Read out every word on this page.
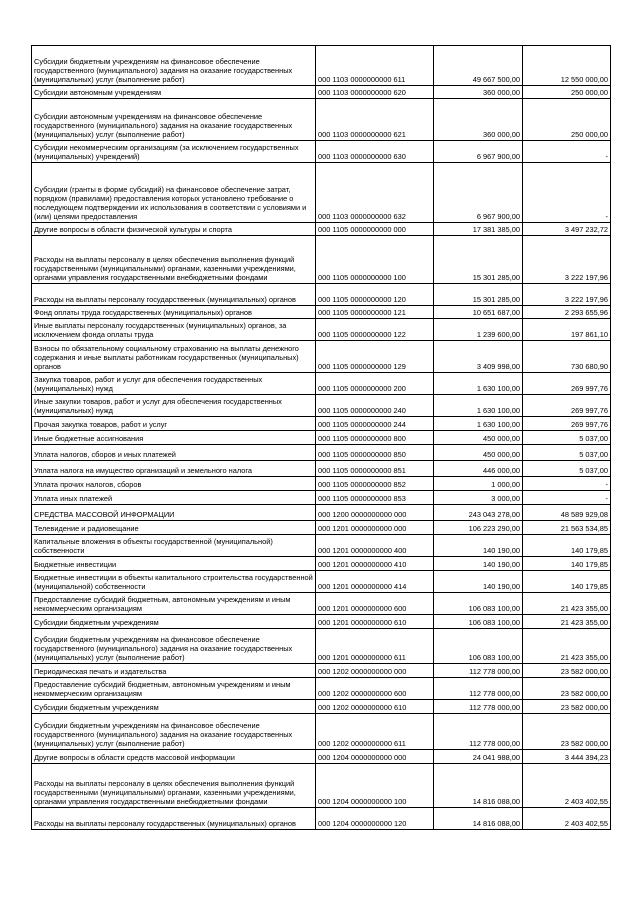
Субсидии бюджетным учреждениям на финансовое обеспечение государственного (муниципального) задания на оказание государственных (муниципальных) услуг (выполнение работ)	000 1103 0000000000 611	49 667 500,00	12 550 000,00
Субсидии автономным учреждениям	000 1103 0000000000 620	360 000,00	250 000,00
Субсидии автономным учреждениям на финансовое обеспечение государственного (муниципального) задания на оказание государственных (муниципальных) услуг (выполнение работ)	000 1103 0000000000 621	360 000,00	250 000,00
Субсидии некоммерческим организациям (за исключением государственных (муниципальных) учреждений)	000 1103 0000000000 630	6 967 900,00	-
Субсидии (гранты в форме субсидий) на финансовое обеспечение затрат, порядком (правилами) предоставления которых установлено требование о последующем подтверждении их использования в соответствии с условиями и (или) целями предоставления	000 1103 0000000000 632	6 967 900,00	-
Другие вопросы в области физической культуры и спорта	000 1105 0000000000 000	17 381 385,00	3 497 232,72
Расходы на выплаты персоналу в целях обеспечения выполнения функций государственными (муниципальными) органами, казенными учреждениями, органами управления государственными внебюджетными фондами	000 1105 0000000000 100	15 301 285,00	3 222 197,96
Расходы на выплаты персоналу государственных (муниципальных) органов	000 1105 0000000000 120	15 301 285,00	3 222 197,96
Фонд оплаты труда государственных (муниципальных) органов	000 1105 0000000000 121	10 651 687,00	2 293 655,96
Иные выплаты персоналу государственных (муниципальных) органов, за исключением фонда оплаты труда	000 1105 0000000000 122	1 239 600,00	197 861,10
Взносы по обязательному социальному страхованию на выплаты денежного содержания и иные выплаты работникам государственных (муниципальных) органов	000 1105 0000000000 129	3 409 998,00	730 680,90
Закупка товаров, работ и услуг для обеспечения государственных (муниципальных) нужд	000 1105 0000000000 200	1 630 100,00	269 997,76
Иные закупки товаров, работ и услуг для обеспечения государственных (муниципальных) нужд	000 1105 0000000000 240	1 630 100,00	269 997,76
Прочая закупка товаров, работ и услуг	000 1105 0000000000 244	1 630 100,00	269 997,76
Иные бюджетные ассигнования	000 1105 0000000000 800	450 000,00	5 037,00
Уплата налогов, сборов и иных платежей	000 1105 0000000000 850	450 000,00	5 037,00
Уплата налога на имущество организаций и земельного налога	000 1105 0000000000 851	446 000,00	5 037,00
Уплата прочих налогов, сборов	000 1105 0000000000 852	1 000,00	-
Уплата иных платежей	000 1105 0000000000 853	3 000,00	-
СРЕДСТВА МАССОВОЙ ИНФОРМАЦИИ	000 1200 0000000000 000	243 043 278,00	48 589 929,08
Телевидение и радиовещание	000 1201 0000000000 000	106 223 290,00	21 563 534,85
Капитальные вложения в объекты государственной (муниципальной) собственности	000 1201 0000000000 400	140 190,00	140 179,85
Бюджетные инвестиции	000 1201 0000000000 410	140 190,00	140 179,85
Бюджетные инвестиции в объекты капитального строительства государственной (муниципальной) собственности	000 1201 0000000000 414	140 190,00	140 179,85
Предоставление субсидий бюджетным, автономным учреждениям и иным некоммерческим организациям	000 1201 0000000000 600	106 083 100,00	21 423 355,00
Субсидии бюджетным учреждениям	000 1201 0000000000 610	106 083 100,00	21 423 355,00
Субсидии бюджетным учреждениям на финансовое обеспечение государственного (муниципального) задания на оказание государственных (муниципальных) услуг (выполнение работ)	000 1201 0000000000 611	106 083 100,00	21 423 355,00
Периодическая печать и издательства	000 1202 0000000000 000	112 778 000,00	23 582 000,00
Предоставление субсидий бюджетным, автономным учреждениям и иным некоммерческим организациям	000 1202 0000000000 600	112 778 000,00	23 582 000,00
Субсидии бюджетным учреждениям	000 1202 0000000000 610	112 778 000,00	23 582 000,00
Субсидии бюджетным учреждениям на финансовое обеспечение государственного (муниципального) задания на оказание государственных (муниципальных) услуг (выполнение работ)	000 1202 0000000000 611	112 778 000,00	23 582 000,00
Другие вопросы в области средств массовой информации	000 1204 0000000000 000	24 041 988,00	3 444 394,23
Расходы на выплаты персоналу в целях обеспечения выполнения функций государственными (муниципальными) органами, казенными учреждениями, органами управления государственными внебюджетными фондами	000 1204 0000000000 100	14 816 088,00	2 403 402,55
Расходы на выплаты персоналу государственных (муниципальных) органов	000 1204 0000000000 120	14 816 088,00	2 403 402,55
